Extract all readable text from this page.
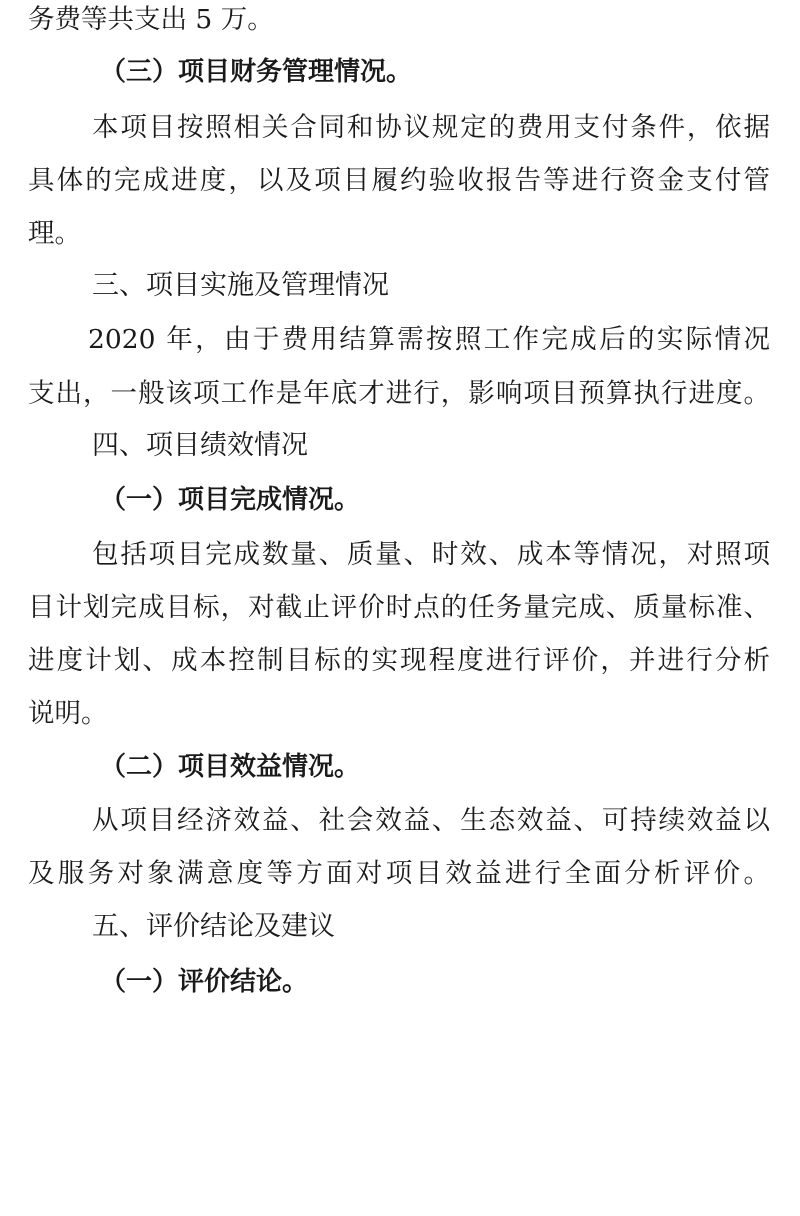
务费等共支出 5 万。
（三）项目财务管理情况。
本项目按照相关合同和协议规定的费用支付条件，依据
具体的完成进度，以及项目履约验收报告等进行资金支付管
理。
三、项目实施及管理情况
2020 年，由于费用结算需按照工作完成后的实际情况
支出，一般该项工作是年底才进行，影响项目预算执行进度。
四、项目绩效情况
（一）项目完成情况。
包括项目完成数量、质量、时效、成本等情况，对照项
目计划完成目标，对截止评价时点的任务量完成、质量标准、
进度计划、成本控制目标的实现程度进行评价，并进行分析
说明。
（二）项目效益情况。
从项目经济效益、社会效益、生态效益、可持续效益以
及服务对象满意度等方面对项目效益进行全面分析评价。
五、评价结论及建议
（一）评价结论。
